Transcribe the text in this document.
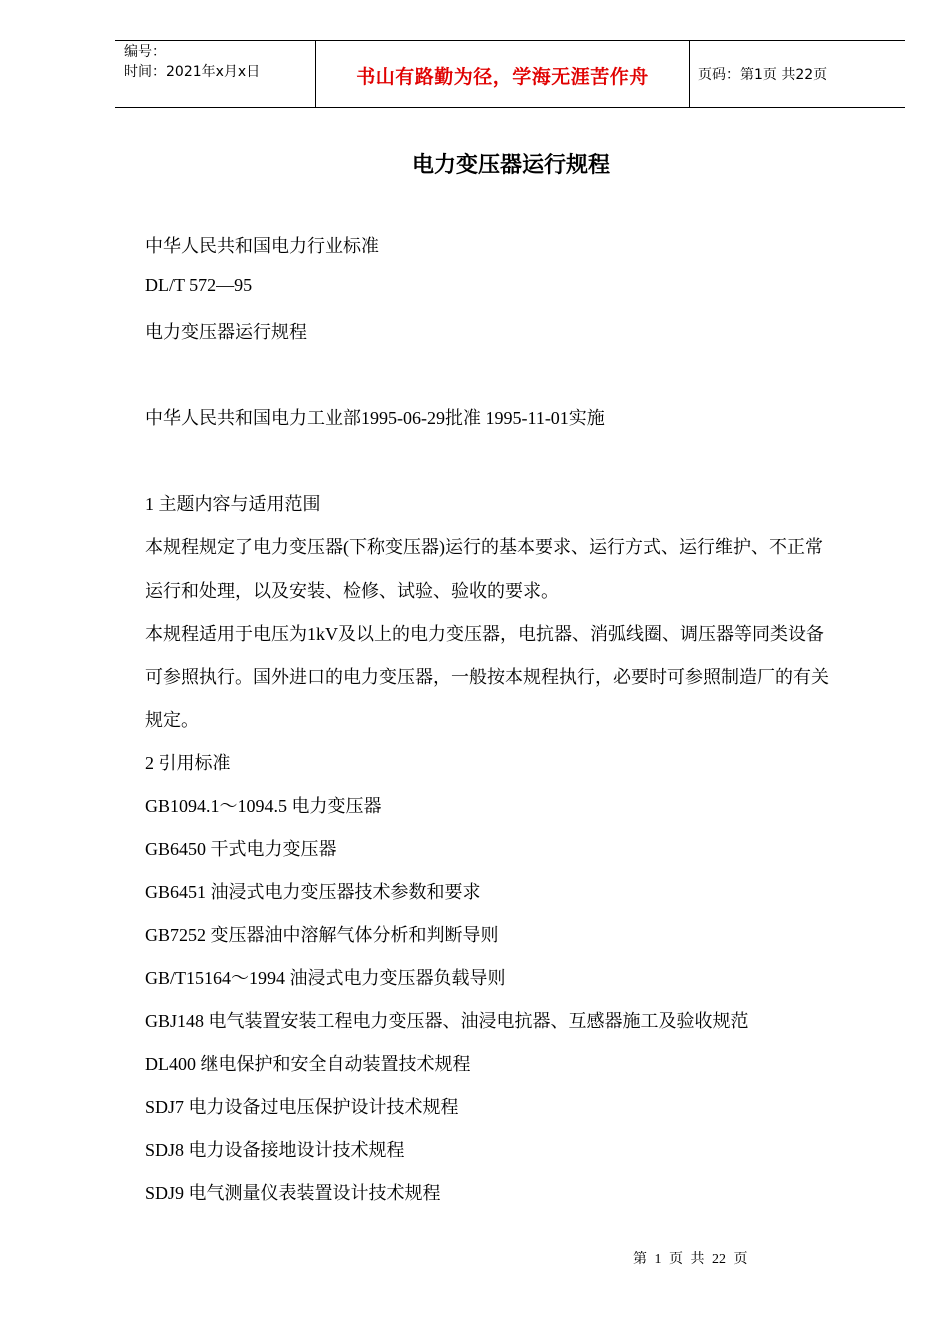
编号：
时间：2021年x月x日	书山有路勤为径，学海无涯苦作舟	页码：第1页 共22页
电力变压器运行规程
中华人民共和国电力行业标准
DL/T 572—95
电力变压器运行规程
中华人民共和国电力工业部1995-06-29批准 1995-11-01实施
1 主题内容与适用范围
本规程规定了电力变压器(下称变压器)运行的基本要求、运行方式、运行维护、不正常
运行和处理，以及安装、检修、试验、验收的要求。
本规程适用于电压为1kV及以上的电力变压器，电抗器、消弧线圈、调压器等同类设备
可参照执行。国外进口的电力变压器，一般按本规程执行，必要时可参照制造厂的有关
规定。
2 引用标准
GB1094.1～1094.5 电力变压器
GB6450 干式电力变压器
GB6451 油浸式电力变压器技术参数和要求
GB7252 变压器油中溶解气体分析和判断导则
GB/T15164～1994 油浸式电力变压器负载导则
GBJ148 电气装置安装工程电力变压器、油浸电抗器、互感器施工及验收规范
DL400 继电保护和安全自动装置技术规程
SDJ7 电力设备过电压保护设计技术规程
SDJ8 电力设备接地设计技术规程
SDJ9 电气测量仪表装置设计技术规程
第 1 页 共 22 页
